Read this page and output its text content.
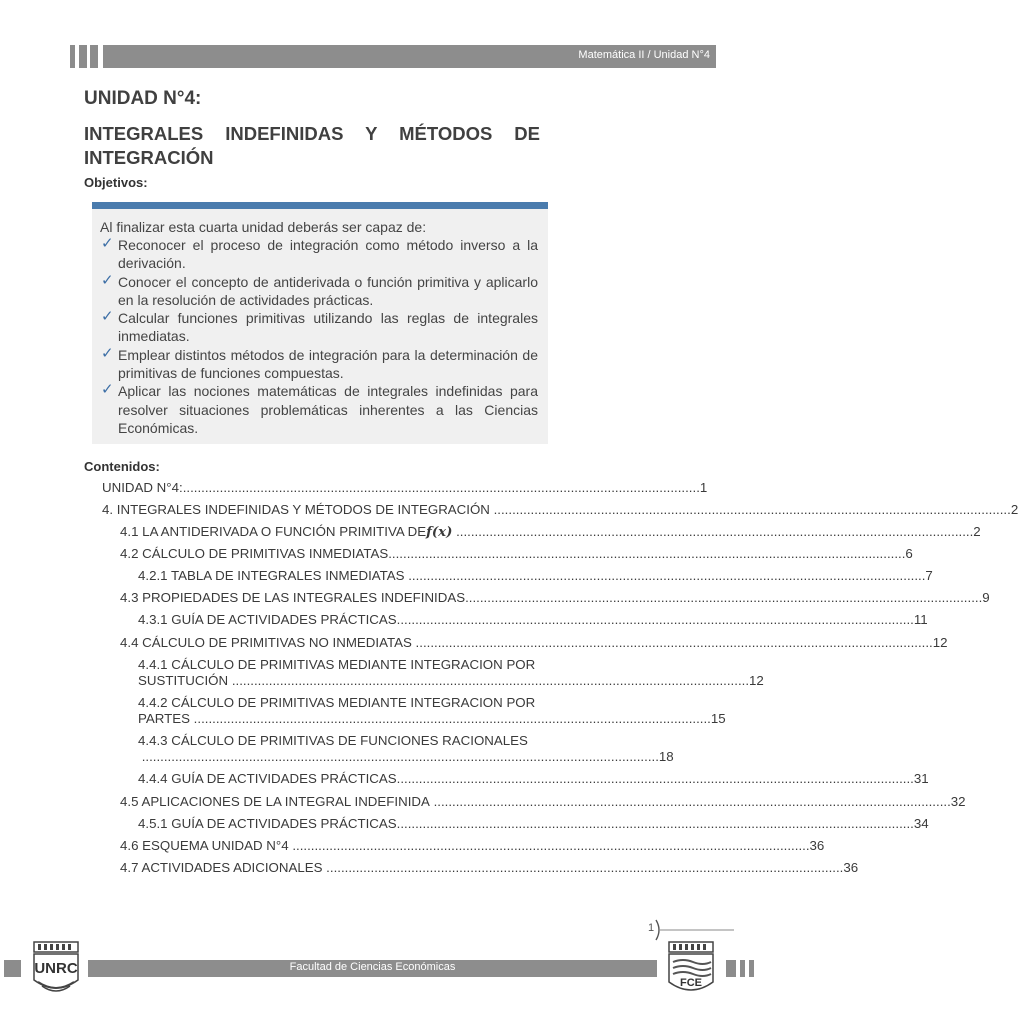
Matemática II / Unidad N°4
UNIDAD N°4:
INTEGRALES INDEFINIDAS Y MÉTODOS DE INTEGRACIÓN
Objetivos:
Al finalizar esta cuarta unidad deberás ser capaz de:
✓ Reconocer el proceso de integración como método inverso a la derivación.
✓ Conocer el concepto de antiderivada o función primitiva y aplicarlo en la resolución de actividades prácticas.
✓ Calcular funciones primitivas utilizando las reglas de integrales inmediatas.
✓ Emplear distintos métodos de integración para la determinación de primitivas de funciones compuestas.
✓ Aplicar las nociones matemáticas de integrales indefinidas para resolver situaciones problemáticas inherentes a las Ciencias Económicas.
Contenidos:
UNIDAD N°4: ............................................................................................................................................ 1
4. INTEGRALES INDEFINIDAS Y MÉTODOS DE INTEGRACIÓN ............................................................................................................................................ 2
4.1 LA ANTIDERIVADA O FUNCIÓN PRIMITIVA DE f(x) ............................................................................................................................................ 2
4.2 CÁLCULO DE PRIMITIVAS INMEDIATAS ............................................................................................................................................ 6
4.2.1 TABLA DE INTEGRALES INMEDIATAS ............................................................................................................................................ 7
4.3 PROPIEDADES DE LAS INTEGRALES INDEFINIDAS ............................................................................................................................................ 9
4.3.1 GUÍA DE ACTIVIDADES PRÁCTICAS ............................................................................................................................................ 11
4.4 CÁLCULO DE PRIMITIVAS NO INMEDIATAS ............................................................................................................................................ 12
4.4.1 CÁLCULO DE PRIMITIVAS MEDIANTE INTEGRACION POR
SUSTITUCIÓN ............................................................................................................................................ 12
4.4.2 CÁLCULO DE PRIMITIVAS MEDIANTE INTEGRACION POR
PARTES ............................................................................................................................................ 15
4.4.3 CÁLCULO DE PRIMITIVAS DE FUNCIONES RACIONALES
............................................................................................................................................ 18
4.4.4 GUÍA DE ACTIVIDADES PRÁCTICAS ............................................................................................................................................ 31
4.5 APLICACIONES DE LA INTEGRAL INDEFINIDA ............................................................................................................................................ 32
4.5.1 GUÍA DE ACTIVIDADES PRÁCTICAS ............................................................................................................................................ 34
4.6 ESQUEMA UNIDAD N°4 ............................................................................................................................................ 36
4.7 ACTIVIDADES ADICIONALES ............................................................................................................................................ 36
1
Facultad de Ciencias Económicas
UNRC
FCE
